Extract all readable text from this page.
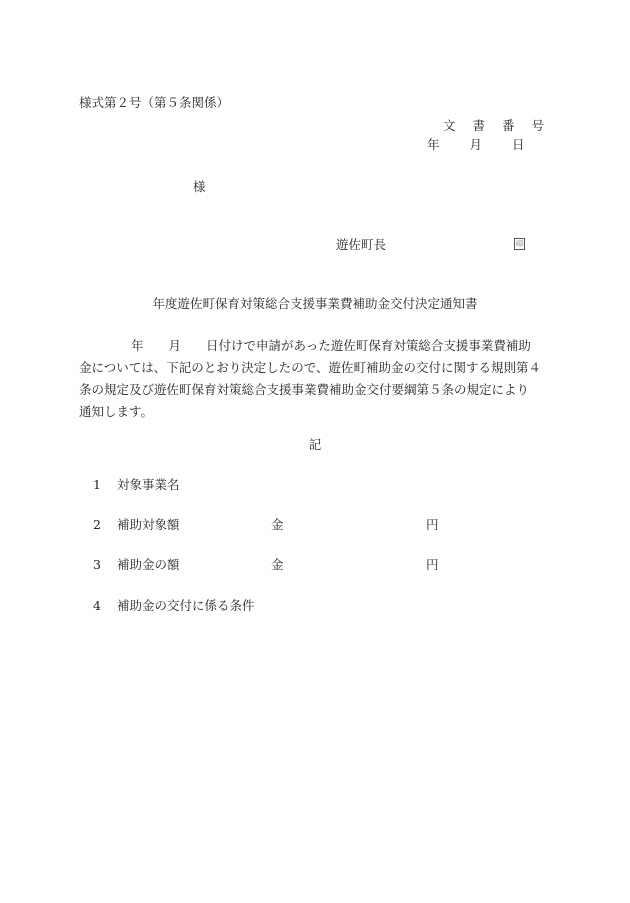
様式第２号（第５条関係）
文 書 番 号
年 月 日
様
遊佐町長	印
年度遊佐町保育対策総合支援事業費補助金交付決定通知書
年　　月　　日付けで申請があった遊佐町保育対策総合支援事業費補助
金については、下記のとおり決定したので、遊佐町補助金の交付に関する規則第４
条の規定及び遊佐町保育対策総合支援事業費補助金交付要綱第５条の規定により
通知します。
記
1 対象事業名
2 補助対象額	金	円
3 補助金の額	金	円
4 補助金の交付に係る条件
